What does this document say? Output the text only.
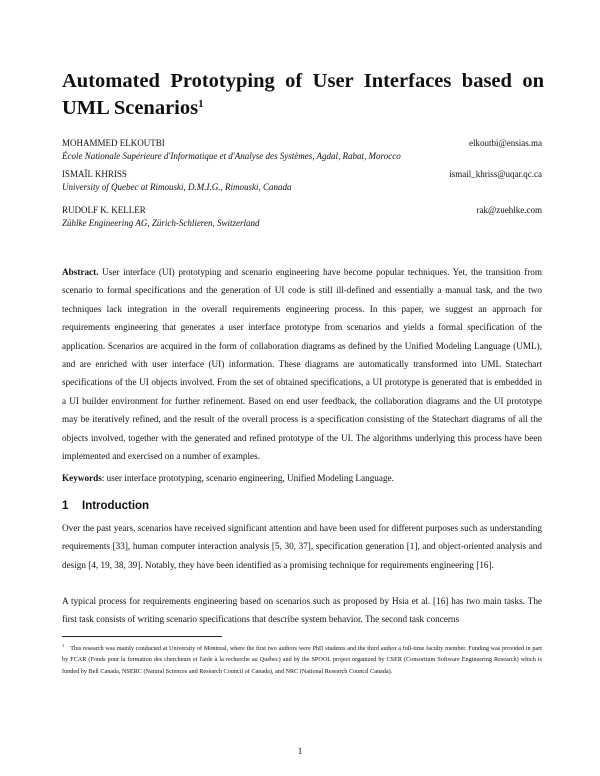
Automated Prototyping of User Interfaces based on UML Scenarios$^1$
MOHAMMED ELKOUTBI	elkoutbi@ensias.ma
École Nationale Supérieure d'Informatique et d'Analyse des Systèmes, Agdal, Rabat, Morocco
ISMAÏL KHRISS	ismail_khriss@uqar.qc.ca
University of Quebec at Rimouski, D.M.I.G., Rimouski, Canada
RUDOLF K. KELLER	rak@zuehlke.com
Zühlke Engineering AG, Zürich-Schlieren, Switzerland

Abstract. User interface (UI) prototyping and scenario engineering have become popular techniques. Yet, the transition from scenario to formal specifications and the generation of UI code is still ill-defined and essentially a manual task, and the two techniques lack integration in the overall requirements engineering process. In this paper, we suggest an approach for requirements engineering that generates a user interface prototype from scenarios and yields a formal specification of the application. Scenarios are acquired in the form of collaboration diagrams as defined by the Unified Modeling Language (UML), and are enriched with user interface (UI) information. These diagrams are automatically transformed into UML Statechart specifications of the UI objects involved. From the set of obtained specifications, a UI prototype is generated that is embedded in a UI builder environment for further refinement. Based on end user feedback, the collaboration diagrams and the UI prototype may be iteratively refined, and the result of the overall process is a specification consisting of the Statechart diagrams of all the objects involved, together with the generated and refined prototype of the UI. The algorithms underlying this process have been implemented and exercised on a number of examples.

Keywords: user interface prototyping, scenario engineering, Unified Modeling Language.

1 Introduction

Over the past years, scenarios have received significant attention and have been used for different purposes such as understanding requirements [33], human computer interaction analysis [5, 30, 37], specification generation [1], and object-oriented analysis and design [4, 19, 38, 39]. Notably, they have been identified as a promising technique for requirements engineering [16].

A typical process for requirements engineering based on scenarios such as proposed by Hsia et al. [16] has two main tasks. The first task consists of writing scenario specifications that describe system behavior. The second task concerns

$^1$ This research was mainly conducted at University of Montreal, where the first two authors were PhD students and the third author a full-time faculty member. Funding was provided in part by FCAR (Fonds pour la formation des chercheurs et l'aide à la recherche au Québec) and by the SPOOL project organized by CSER (Consortium Software Engineering Research) which is funded by Bell Canada, NSERC (Natural Sciences and Research Council of Canada), and NRC (National Research Council Canada).

1
